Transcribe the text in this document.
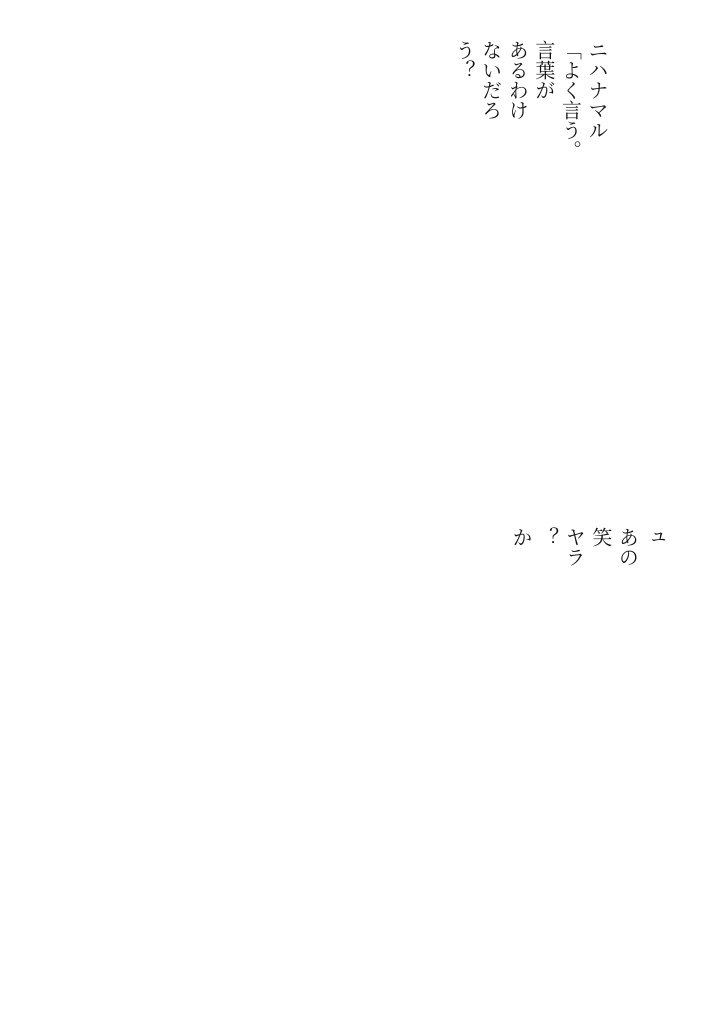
ニハナマル
「よく言う。
言葉が
あるわけ
ないだろ
う？
ュ
あの
笑
ヤラ
？
か
